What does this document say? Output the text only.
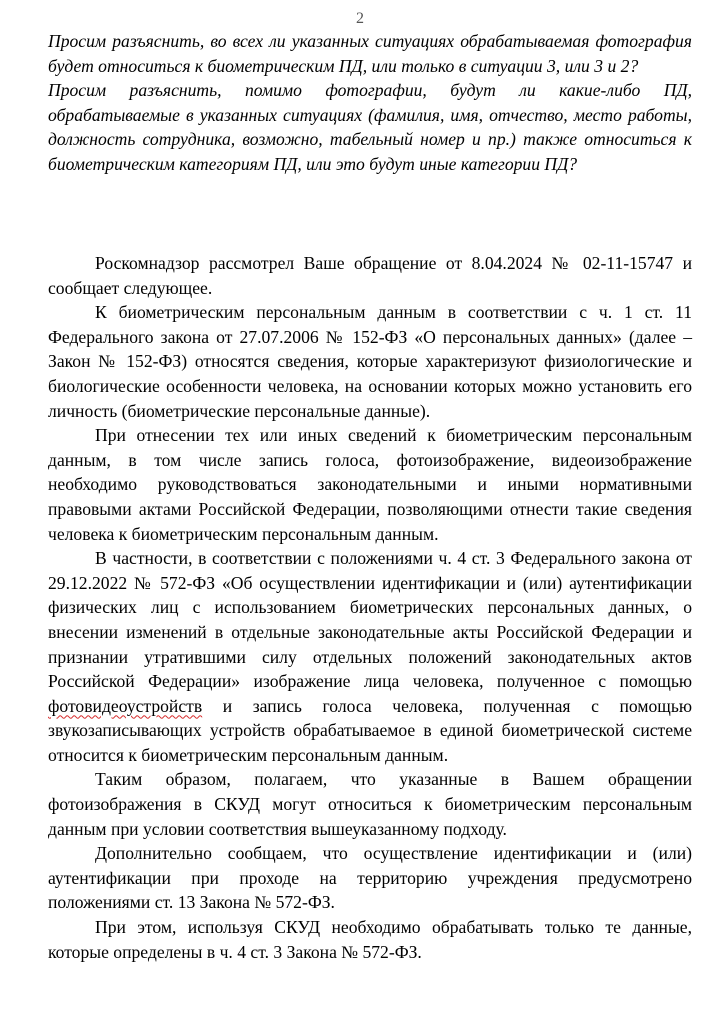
2

Просим разъяснить, во всех ли указанных ситуациях обрабатываемая фотография будет относиться к биометрическим ПД, или только в ситуации 3, или 3 и 2?

Просим разъяснить, помимо фотографии, будут ли какие-либо ПД, обрабатываемые в указанных ситуациях (фамилия, имя, отчество, место работы, должность сотрудника, возможно, табельный номер и пр.) также относиться к биометрическим категориям ПД, или это будут иные категории ПД?

Роскомнадзор рассмотрел Ваше обращение от 8.04.2024 № 02-11-15747 и сообщает следующее.

К биометрическим персональным данным в соответствии с ч. 1 ст. 11 Федерального закона от 27.07.2006 № 152-ФЗ «О персональных данных» (далее – Закон № 152-ФЗ) относятся сведения, которые характеризуют физиологические и биологические особенности человека, на основании которых можно установить его личность (биометрические персональные данные).

При отнесении тех или иных сведений к биометрическим персональным данным, в том числе запись голоса, фотоизображение, видеоизображение необходимо руководствоваться законодательными и иными нормативными правовыми актами Российской Федерации, позволяющими отнести такие сведения человека к биометрическим персональным данным.

В частности, в соответствии с положениями ч. 4 ст. 3 Федерального закона от 29.12.2022 № 572-ФЗ «Об осуществлении идентификации и (или) аутентификации физических лиц с использованием биометрических персональных данных, о внесении изменений в отдельные законодательные акты Российской Федерации и признании утратившими силу отдельных положений законодательных актов Российской Федерации» изображение лица человека, полученное с помощью фотовидеоустройств и запись голоса человека, полученная с помощью звукозаписывающих устройств обрабатываемое в единой биометрической системе относится к биометрическим персональным данным.

Таким образом, полагаем, что указанные в Вашем обращении фотоизображения в СКУД могут относиться к биометрическим персональным данным при условии соответствия вышеуказанному подходу.

Дополнительно сообщаем, что осуществление идентификации и (или) аутентификации при проходе на территорию учреждения предусмотрено положениями ст. 13 Закона № 572-ФЗ.

При этом, используя СКУД необходимо обрабатывать только те данные, которые определены в ч. 4 ст. 3 Закона № 572-ФЗ.
